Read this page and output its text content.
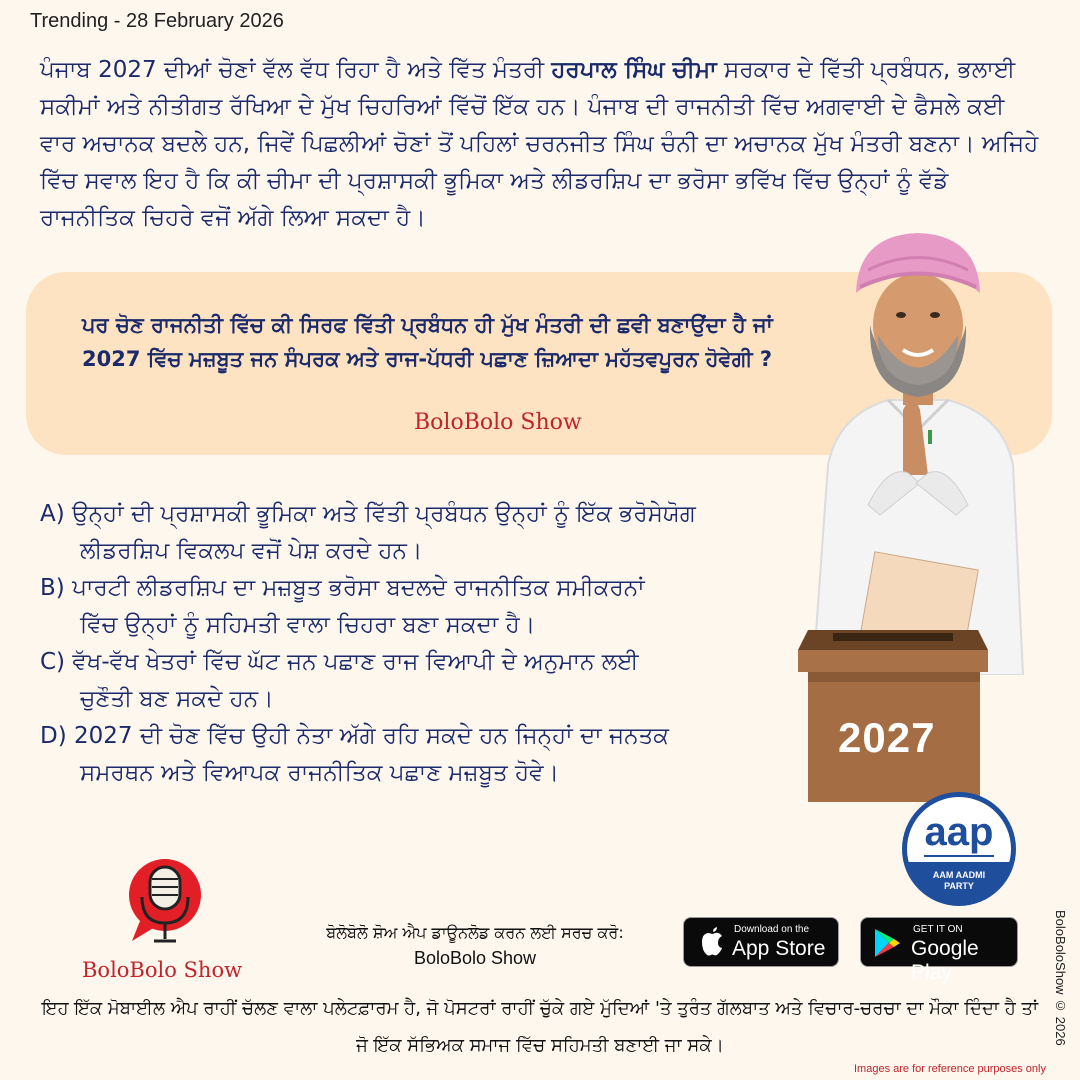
Trending - 28 February 2026

ਪੰਜਾਬ 2027 ਦੀਆਂ ਚੋਣਾਂ ਵੱਲ ਵੱਧ ਰਿਹਾ ਹੈ ਅਤੇ ਵਿੱਤ ਮੰਤਰੀ ਹਰਪਾਲ ਸਿੰਘ ਚੀਮਾ ਸਰਕਾਰ ਦੇ ਵਿੱਤੀ ਪ੍ਰਬੰਧਨ, ਭਲਾਈ ਸਕੀਮਾਂ ਅਤੇ ਨੀਤੀਗਤ ਰੱਖਿਆ ਦੇ ਮੁੱਖ ਚਿਹਰਿਆਂ ਵਿੱਚੋਂ ਇੱਕ ਹਨ। ਪੰਜਾਬ ਦੀ ਰਾਜਨੀਤੀ ਵਿੱਚ ਅਗਵਾਈ ਦੇ ਫੈਸਲੇ ਕਈ ਵਾਰ ਅਚਾਨਕ ਬਦਲੇ ਹਨ, ਜਿਵੇਂ ਪਿਛਲੀਆਂ ਚੋਣਾਂ ਤੋਂ ਪਹਿਲਾਂ ਚਰਨਜੀਤ ਸਿੰਘ ਚੰਨੀ ਦਾ ਅਚਾਨਕ ਮੁੱਖ ਮੰਤਰੀ ਬਣਨਾ। ਅਜਿਹੇ ਵਿੱਚ ਸਵਾਲ ਇਹ ਹੈ ਕਿ ਕੀ ਚੀਮਾ ਦੀ ਪ੍ਰਸ਼ਾਸਕੀ ਭੂਮਿਕਾ ਅਤੇ ਲੀਡਰਸ਼ਿਪ ਦਾ ਭਰੋਸਾ ਭਵਿੱਖ ਵਿੱਚ ਉਨ੍ਹਾਂ ਨੂੰ ਵੱਡੇ ਰਾਜਨੀਤਿਕ ਚਿਹਰੇ ਵਜੋਂ ਅੱਗੇ ਲਿਆ ਸਕਦਾ ਹੈ।

ਪਰ ਚੋਣ ਰਾਜਨੀਤੀ ਵਿੱਚ ਕੀ ਸਿਰਫ ਵਿੱਤੀ ਪ੍ਰਬੰਧਨ ਹੀ ਮੁੱਖ ਮੰਤਰੀ ਦੀ ਛਵੀ ਬਣਾਉਂਦਾ ਹੈ ਜਾਂ 2027 ਵਿੱਚ ਮਜ਼ਬੂਤ ਜਨ ਸੰਪਰਕ ਅਤੇ ਰਾਜ-ਪੱਧਰੀ ਪਛਾਣ ਜ਼ਿਆਦਾ ਮਹੱਤਵਪੂਰਨ ਹੋਵੇਗੀ ?

BoloBolo Show
A) ਉਨ੍ਹਾਂ ਦੀ ਪ੍ਰਸ਼ਾਸਕੀ ਭੂਮਿਕਾ ਅਤੇ ਵਿੱਤੀ ਪ੍ਰਬੰਧਨ ਉਨ੍ਹਾਂ ਨੂੰ ਇੱਕ ਭਰੋਸੇਯੋਗ
ਲੀਡਰਸ਼ਿਪ ਵਿਕਲਪ ਵਜੋਂ ਪੇਸ਼ ਕਰਦੇ ਹਨ।
B) ਪਾਰਟੀ ਲੀਡਰਸ਼ਿਪ ਦਾ ਮਜ਼ਬੂਤ ਭਰੋਸਾ ਬਦਲਦੇ ਰਾਜਨੀਤਿਕ ਸਮੀਕਰਨਾਂ
ਵਿੱਚ ਉਨ੍ਹਾਂ ਨੂੰ ਸਹਿਮਤੀ ਵਾਲਾ ਚਿਹਰਾ ਬਣਾ ਸਕਦਾ ਹੈ।
C) ਵੱਖ-ਵੱਖ ਖੇਤਰਾਂ ਵਿੱਚ ਘੱਟ ਜਨ ਪਛਾਣ ਰਾਜ ਵਿਆਪੀ ਦੇ ਅਨੁਮਾਨ ਲਈ
ਚੁਣੌਤੀ ਬਣ ਸਕਦੇ ਹਨ।
D) 2027 ਦੀ ਚੋਣ ਵਿੱਚ ਉਹੀ ਨੇਤਾ ਅੱਗੇ ਰਹਿ ਸਕਦੇ ਹਨ ਜਿਨ੍ਹਾਂ ਦਾ ਜਨਤਕ
ਸਮਰਥਨ ਅਤੇ ਵਿਆਪਕ ਰਾਜਨੀਤਿਕ ਪਛਾਣ ਮਜ਼ਬੂਤ ਹੋਵੇ।
2027
aap
AAM AADMI
PARTY
BoloBolo Show
ਬੋਲੋਬੋਲੋ ਸ਼ੋਅ ਐਪ ਡਾਊਨਲੋਡ ਕਰਨ ਲਈ ਸਰਚ ਕਰੋ:
BoloBolo Show
Download on the
App Store
GET IT ON
Google Play

ਇਹ ਇੱਕ ਮੋਬਾਈਲ ਐਪ ਰਾਹੀਂ ਚੱਲਣ ਵਾਲਾ ਪਲੇਟਫ਼ਾਰਮ ਹੈ, ਜੋ ਪੋਸਟਰਾਂ ਰਾਹੀਂ ਚੁੱਕੇ ਗਏ ਮੁੱਦਿਆਂ 'ਤੇ ਤੁਰੰਤ ਗੱਲਬਾਤ ਅਤੇ ਵਿਚਾਰ-ਚਰਚਾ ਦਾ ਮੌਕਾ ਦਿੰਦਾ ਹੈ ਤਾਂ ਜੋ ਇੱਕ ਸੱਭਿਅਕ ਸਮਾਜ ਵਿੱਚ ਸਹਿਮਤੀ ਬਣਾਈ ਜਾ ਸਕੇ।	BoloBoloShow © 2026
Images are for reference purposes only
